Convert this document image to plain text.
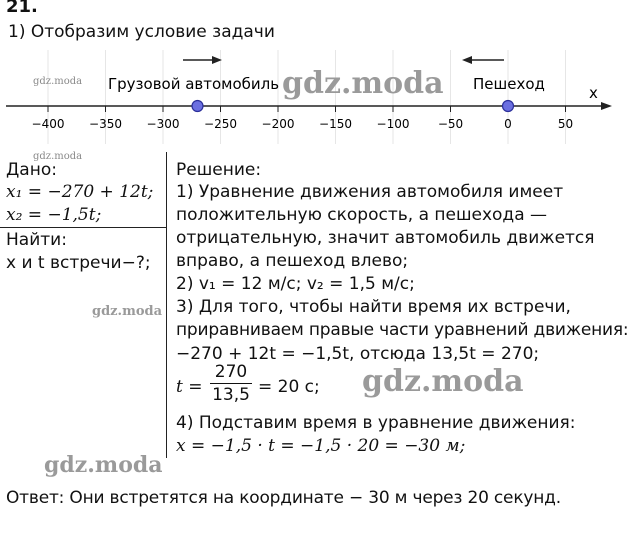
21.
1) Отобразим условие задачи
x
−400 −350 −300 −250 −200 −150 −100 −50	0	50
Грузовой автомобиль	Пешеход
gdz.moda	gdz.moda
gdz.moda
Дано:
x₁ = −270 + 12t;
x₂ = −1,5t;
Найти:
x и t встречи−?;
gdz.moda
Решение:
1) Уравнение движения автомобиля имеет
положительную скорость, а пешехода —
отрицательную, значит автомобиль движется
вправо, а пешеход влево;
2) v₁ = 12 м/с; v₂ = 1,5 м/с;
3) Для того, чтобы найти время их встречи,
приравниваем правые части уравнений движения:
−270 + 12t = −1,5t, отсюда 13,5t = 270;
t =
270
13,5 = 20 с; gdz.moda
4) Подставим время в уравнение движения:
x = −1,5 · t = −1,5 · 20 = −30 м;
gdz.moda
Ответ: Они встретятся на координате − 30 м через 20 секунд.
